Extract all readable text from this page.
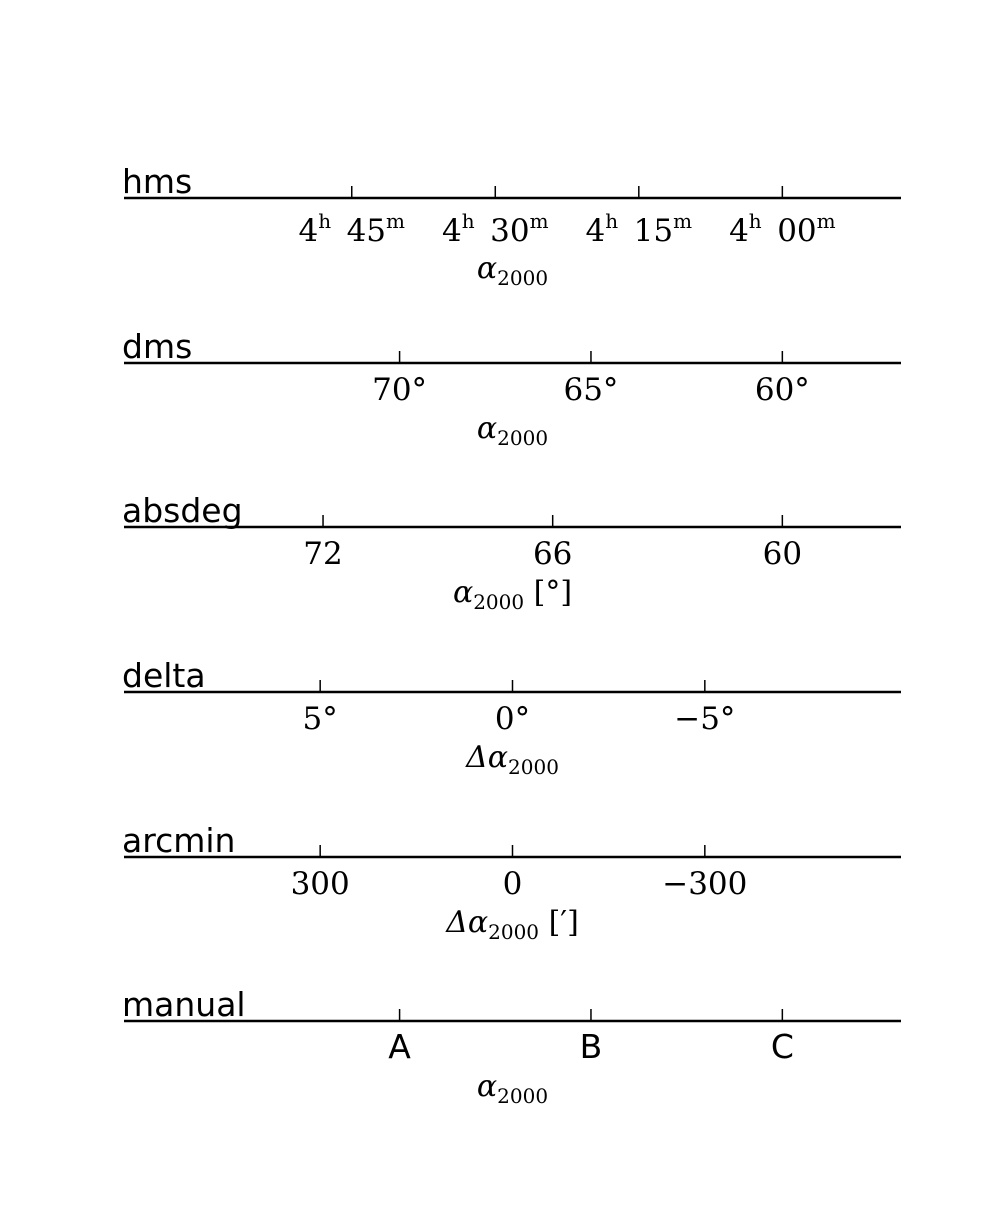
hms
4$^h$ 45$^m$ 4$^h$ 30$^m$ 4$^h$ 15$^m$ 4$^h$ 00$^m$
$\alpha_{2000}$
dms
70°	65°	60°
$\alpha_{2000}$
absdeg
72	66	60
$\alpha_{2000}$ [°]
delta
5°	0°	−5°
$\Delta\alpha_{2000}$
arcmin
300	0	−300
$\Delta\alpha_{2000}$ [′]
manual
A	B	C
$\alpha_{2000}$
